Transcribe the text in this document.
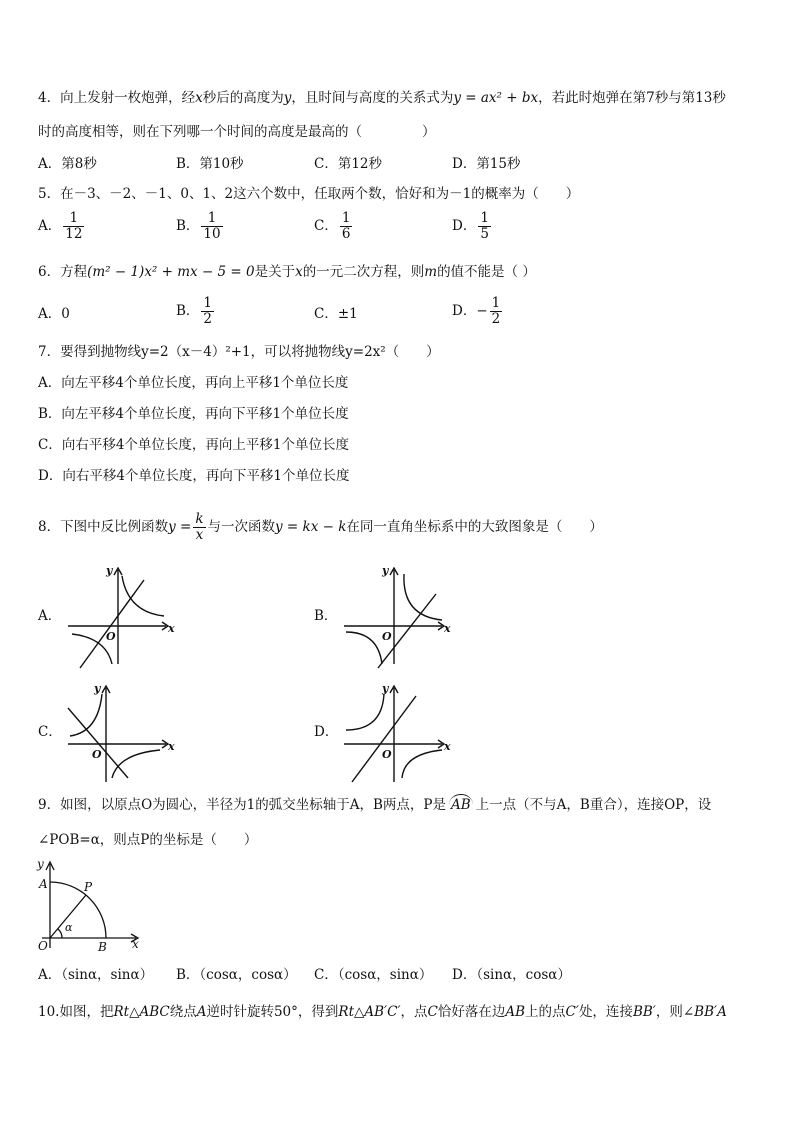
4．向上发射一枚炮弹，经x秒后的高度为y，且时间与高度的关系式为y = ax² + bx，若此时炮弹在第7秒与第13秒
时的高度相等，则在下列哪一个时间的高度是最高的（	）
A．第8秒	B．第10秒	C．第12秒	D．第15秒
5．在－3、－2、－1、0、1、2这六个数中，任取两个数，恰好和为－1的概率为（　　）
A． $\frac{1}{12}$	B． $\frac{1}{10}$	C． $\frac{1}{6}$	D． $\frac{1}{5}$
6．方程(m² − 1)x² + mx − 5 = 0是关于x的一元二次方程，则m的值不能是（ ）
A．0	B． $\frac{1}{2}$	C．±1	D．− $\frac{1}{2}$
7．要得到抛物线y=2（x－4）²+1，可以将抛物线y=2x²（　　）
A．向左平移4个单位长度，再向上平移1个单位长度
B．向左平移4个单位长度，再向下平移1个单位长度
C．向右平移4个单位长度，再向上平移1个单位长度
D．向右平移4个单位长度，再向下平移1个单位长度
8．下图中反比例函数$y = \frac{k}{x}$ 与一次函数y = kx − k在同一直角坐标系中的大致图象是（　　）
A．	B．
C．	D．
O
x
y
O
x
y
O
x
y
O
x
y
9．如图，以原点O为圆心，半径为1的弧交坐标轴于A，B两点，P是 AB 上一点（不与A，B重合），连接OP，设
∠POB=α，则点P的坐标是（　　）
y
A	P
O	B x
α
A．（sinα，sinα） B．（cosα，cosα） C．（cosα，sinα） D．（sinα，cosα）
10.如图，把Rt△ABC绕点A逆时针旋转50°，得到Rt△AB′C′，点C恰好落在边AB上的点C′处，连接BB′，则∠BB′A
